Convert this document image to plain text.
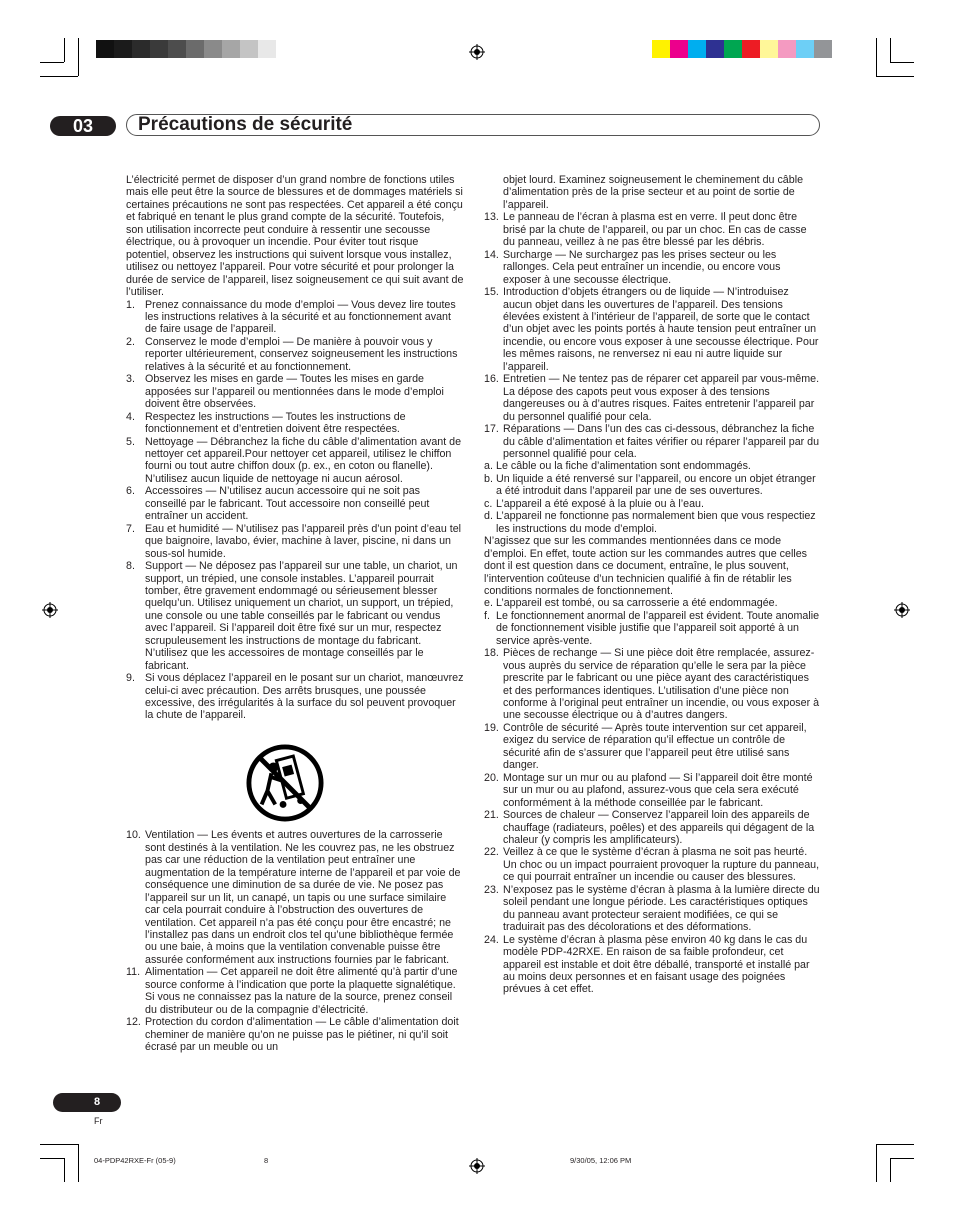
03	Précautions de sécurité

L’électricité permet de disposer d’un grand nombre de fonctions utiles mais elle peut être la source de blessures et de dommages matériels si certaines précautions ne sont pas respectées. Cet appareil a été conçu et fabriqué en tenant le plus grand compte de la sécurité. Toutefois, son utilisation incorrecte peut conduire à ressentir une secousse électrique, ou à provoquer un incendie. Pour éviter tout risque potentiel, observez les instructions qui suivent lorsque vous installez, utilisez ou nettoyez l’appareil. Pour votre sécurité et pour prolonger la durée de service de l’appareil, lisez soigneusement ce qui suit avant de l’utiliser.

1. Prenez connaissance du mode d’emploi — Vous devez lire toutes les instructions relatives à la sécurité et au fonctionnement avant de faire usage de l’appareil.

2. Conservez le mode d’emploi — De manière à pouvoir vous y reporter ultérieurement, conservez soigneusement les instructions relatives à la sécurité et au fonctionnement.

3. Observez les mises en garde — Toutes les mises en garde apposées sur l’appareil ou mentionnées dans le mode d’emploi doivent être observées.

4. Respectez les instructions — Toutes les instructions de fonctionnement et d’entretien doivent être respectées.

5. Nettoyage — Débranchez la fiche du câble d’alimentation avant de nettoyer cet appareil.Pour nettoyer cet appareil, utilisez le chiffon fourni ou tout autre chiffon doux (p. ex., en coton ou flanelle). N’utilisez aucun liquide de nettoyage ni aucun aérosol.

6. Accessoires — N’utilisez aucun accessoire qui ne soit pas conseillé par le fabricant. Tout accessoire non conseillé peut entraîner un accident.

7. Eau et humidité — N’utilisez pas l’appareil près d’un point d’eau tel que baignoire, lavabo, évier, machine à laver, piscine, ni dans un sous-sol humide.

8. Support — Ne déposez pas l’appareil sur une table, un chariot, un support, un trépied, une console instables. L’appareil pourrait tomber, être gravement endommagé ou sérieusement blesser quelqu’un. Utilisez uniquement un chariot, un support, un trépied, une console ou une table conseillés par le fabricant ou vendus avec l’appareil. Si l’appareil doit être fixé sur un mur, respectez scrupuleusement les instructions de montage du fabricant. N’utilisez que les accessoires de montage conseillés par le fabricant.

9. Si vous déplacez l’appareil en le posant sur un chariot, manœuvrez celui-ci avec précaution. Des arrêts brusques, une poussée excessive, des irrégularités à la surface du sol peuvent provoquer la chute de l’appareil.

10. Ventilation — Les évents et autres ouvertures de la carrosserie sont destinés à la ventilation. Ne les couvrez pas, ne les obstruez pas car une réduction de la ventilation peut entraîner une augmentation de la température interne de l’appareil et par voie de conséquence une diminution de sa durée de vie. Ne posez pas l’appareil sur un lit, un canapé, un tapis ou une surface similaire car cela pourrait conduire à l’obstruction des ouvertures de ventilation. Cet appareil n’a pas été conçu pour être encastré; ne l’installez pas dans un endroit clos tel qu’une bibliothèque fermée ou une baie, à moins que la ventilation convenable puisse être assurée conformément aux instructions fournies par le fabricant.

11. Alimentation — Cet appareil ne doit être alimenté qu’à partir d’une source conforme à l’indication que porte la plaquette signalétique. Si vous ne connaissez pas la nature de la source, prenez conseil du distributeur ou de la compagnie d’électricité.

12. Protection du cordon d’alimentation — Le câble d’alimentation doit cheminer de manière qu’on ne puisse pas le piétiner, ni qu’il soit écrasé par un meuble ou un

objet lourd. Examinez soigneusement le cheminement du câble d’alimentation près de la prise secteur et au point de sortie de l’appareil.

13. Le panneau de l’écran à plasma est en verre. Il peut donc être brisé par la chute de l’appareil, ou par un choc. En cas de casse du panneau, veillez à ne pas être blessé par les débris.

14. Surcharge — Ne surchargez pas les prises secteur ou les rallonges. Cela peut entraîner un incendie, ou encore vous exposer à une secousse électrique.

15. Introduction d’objets étrangers ou de liquide — N’introduisez aucun objet dans les ouvertures de l’appareil. Des tensions élevées existent à l’intérieur de l’appareil, de sorte que le contact d’un objet avec les points portés à haute tension peut entraîner un incendie, ou encore vous exposer à une secousse électrique. Pour les mêmes raisons, ne renversez ni eau ni autre liquide sur l’appareil.

16. Entretien — Ne tentez pas de réparer cet appareil par vous-même. La dépose des capots peut vous exposer à des tensions dangereuses ou à d’autres risques. Faites entretenir l’appareil par du personnel qualifié pour cela.

17. Réparations — Dans l’un des cas ci-dessous, débranchez la fiche du câble d’alimentation et faites vérifier ou réparer l’appareil par du personnel qualifié pour cela.

a. Le câble ou la fiche d’alimentation sont endommagés.

b. Un liquide a été renversé sur l’appareil, ou encore un objet étranger a été introduit dans l’appareil par une de ses ouvertures.

c. L’appareil a été exposé à la pluie ou à l’eau.

d. L’appareil ne fonctionne pas normalement bien que vous respectiez les instructions du mode d’emploi.

N’agissez que sur les commandes mentionnées dans ce mode d’emploi. En effet, toute action sur les commandes autres que celles dont il est question dans ce document, entraîne, le plus souvent, l’intervention coûteuse d’un technicien qualifié à fin de rétablir les conditions normales de fonctionnement.

e. L’appareil est tombé, ou sa carrosserie a été endommagée.

f. Le fonctionnement anormal de l’appareil est évident. Toute anomalie de fonctionnement visible justifie que l’appareil soit apporté à un service après-vente.

18. Pièces de rechange — Si une pièce doit être remplacée, assurez-vous auprès du service de réparation qu’elle le sera par la pièce prescrite par le fabricant ou une pièce ayant des caractéristiques et des performances identiques. L’utilisation d’une pièce non conforme à l’original peut entraîner un incendie, ou vous exposer à une secousse électrique ou à d’autres dangers.

19. Contrôle de sécurité — Après toute intervention sur cet appareil, exigez du service de réparation qu’il effectue un contrôle de sécurité afin de s’assurer que l’appareil peut être utilisé sans danger.

20. Montage sur un mur ou au plafond — Si l’appareil doit être monté sur un mur ou au plafond, assurez-vous que cela sera exécuté conformément à la méthode conseillée par le fabricant.

21. Sources de chaleur — Conservez l’appareil loin des appareils de chauffage (radiateurs, poêles) et des appareils qui dégagent de la chaleur (y compris les amplificateurs).

22. Veillez à ce que le système d’écran à plasma ne soit pas heurté. Un choc ou un impact pourraient provoquer la rupture du panneau, ce qui pourrait entraîner un incendie ou causer des blessures.

23. N’exposez pas le système d’écran à plasma à la lumière directe du soleil pendant une longue période. Les caractéristiques optiques du panneau avant protecteur seraient modifiées, ce qui se traduirait pas des décolorations et des déformations.

24. Le système d’écran à plasma pèse environ 40 kg dans le cas du modèle PDP-42RXE. En raison de sa faible profondeur, cet appareil est instable et doit être déballé, transporté et installé par au moins deux personnes et en faisant usage des poignées prévues à cet effet.

8
Fr
04-PDP42RXE-Fr (05-9)	8	9/30/05, 12:06 PM
